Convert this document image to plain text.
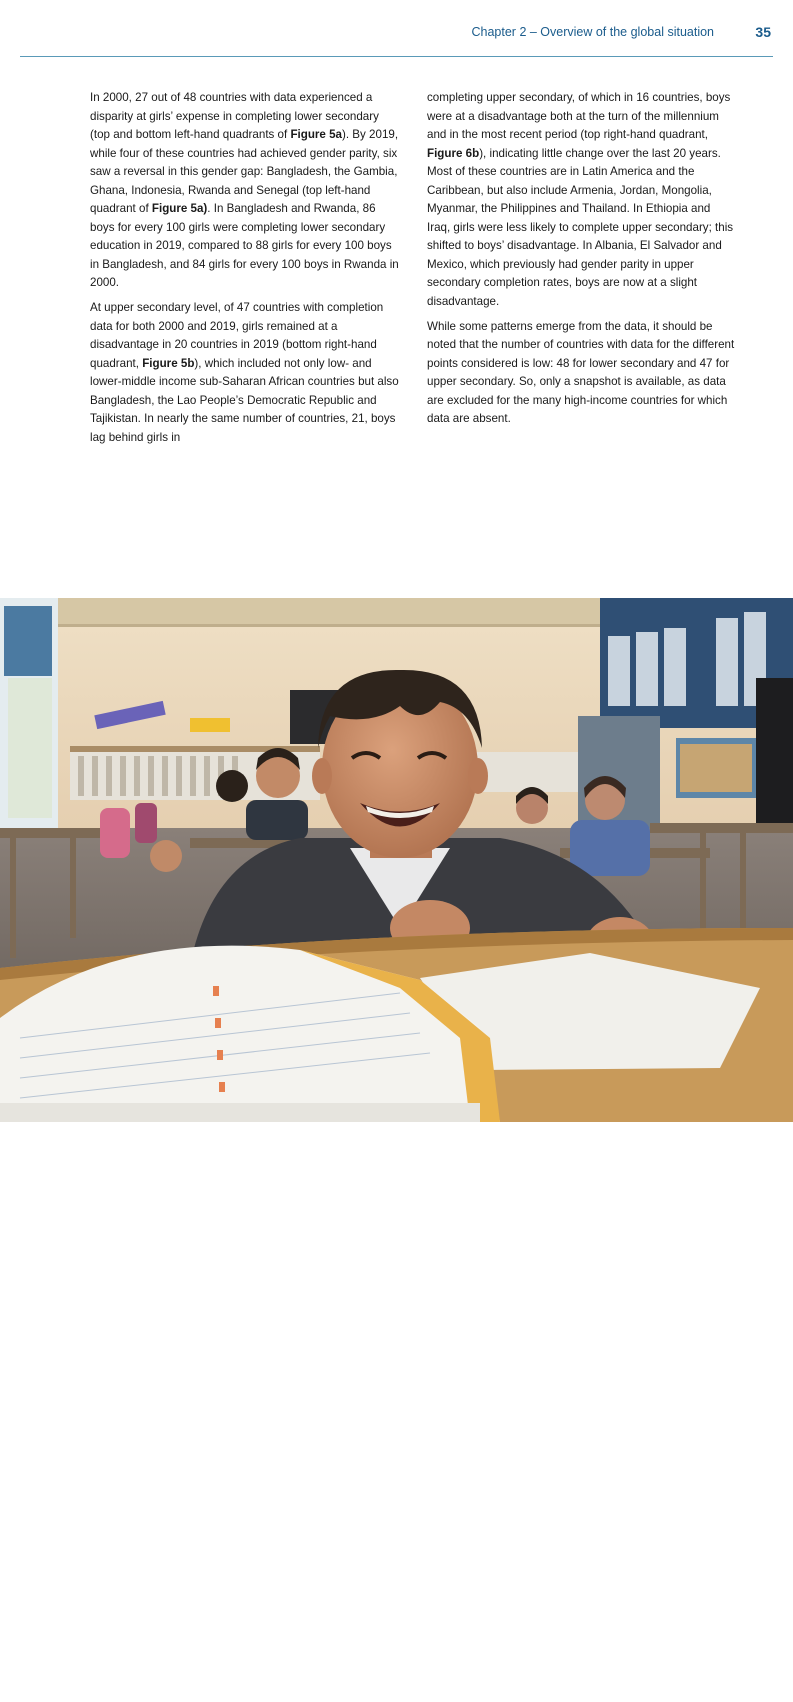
Chapter 2 – Overview of the global situation	35

In 2000, 27 out of 48 countries with data experienced a disparity at girls’ expense in completing lower secondary (top and bottom left-hand quadrants of Figure 5a). By 2019, while four of these countries had achieved gender parity, six saw a reversal in this gender gap: Bangladesh, the Gambia, Ghana, Indonesia, Rwanda and Senegal (top left-hand quadrant of Figure 5a). In Bangladesh and Rwanda, 86 boys for every 100 girls were completing lower secondary education in 2019, compared to 88 girls for every 100 boys in Bangladesh, and 84 girls for every 100 boys in Rwanda in 2000.

At upper secondary level, of 47 countries with completion data for both 2000 and 2019, girls remained at a disadvantage in 20 countries in 2019 (bottom right-hand quadrant, Figure 5b), which included not only low- and lower-middle income sub-Saharan African countries but also Bangladesh, the Lao People’s Democratic Republic and Tajikistan. In nearly the same number of countries, 21, boys lag behind girls in

completing upper secondary, of which in 16 countries, boys were at a disadvantage both at the turn of the millennium and in the most recent period (top right-hand quadrant, Figure 6b), indicating little change over the last 20 years. Most of these countries are in Latin America and the Caribbean, but also include Armenia, Jordan, Mongolia, Myanmar, the Philippines and Thailand. In Ethiopia and Iraq, girls were less likely to complete upper secondary; this shifted to boys’ disadvantage. In Albania, El Salvador and Mexico, which previously had gender parity in upper secondary completion rates, boys are now at a slight disadvantage.

While some patterns emerge from the data, it should be noted that the number of countries with data for the different points considered is low: 48 for lower secondary and 47 for upper secondary. So, only a snapshot is available, as data are excluded for the many high-income countries for which data are absent.

© UNESCO/Carolina Jetez
